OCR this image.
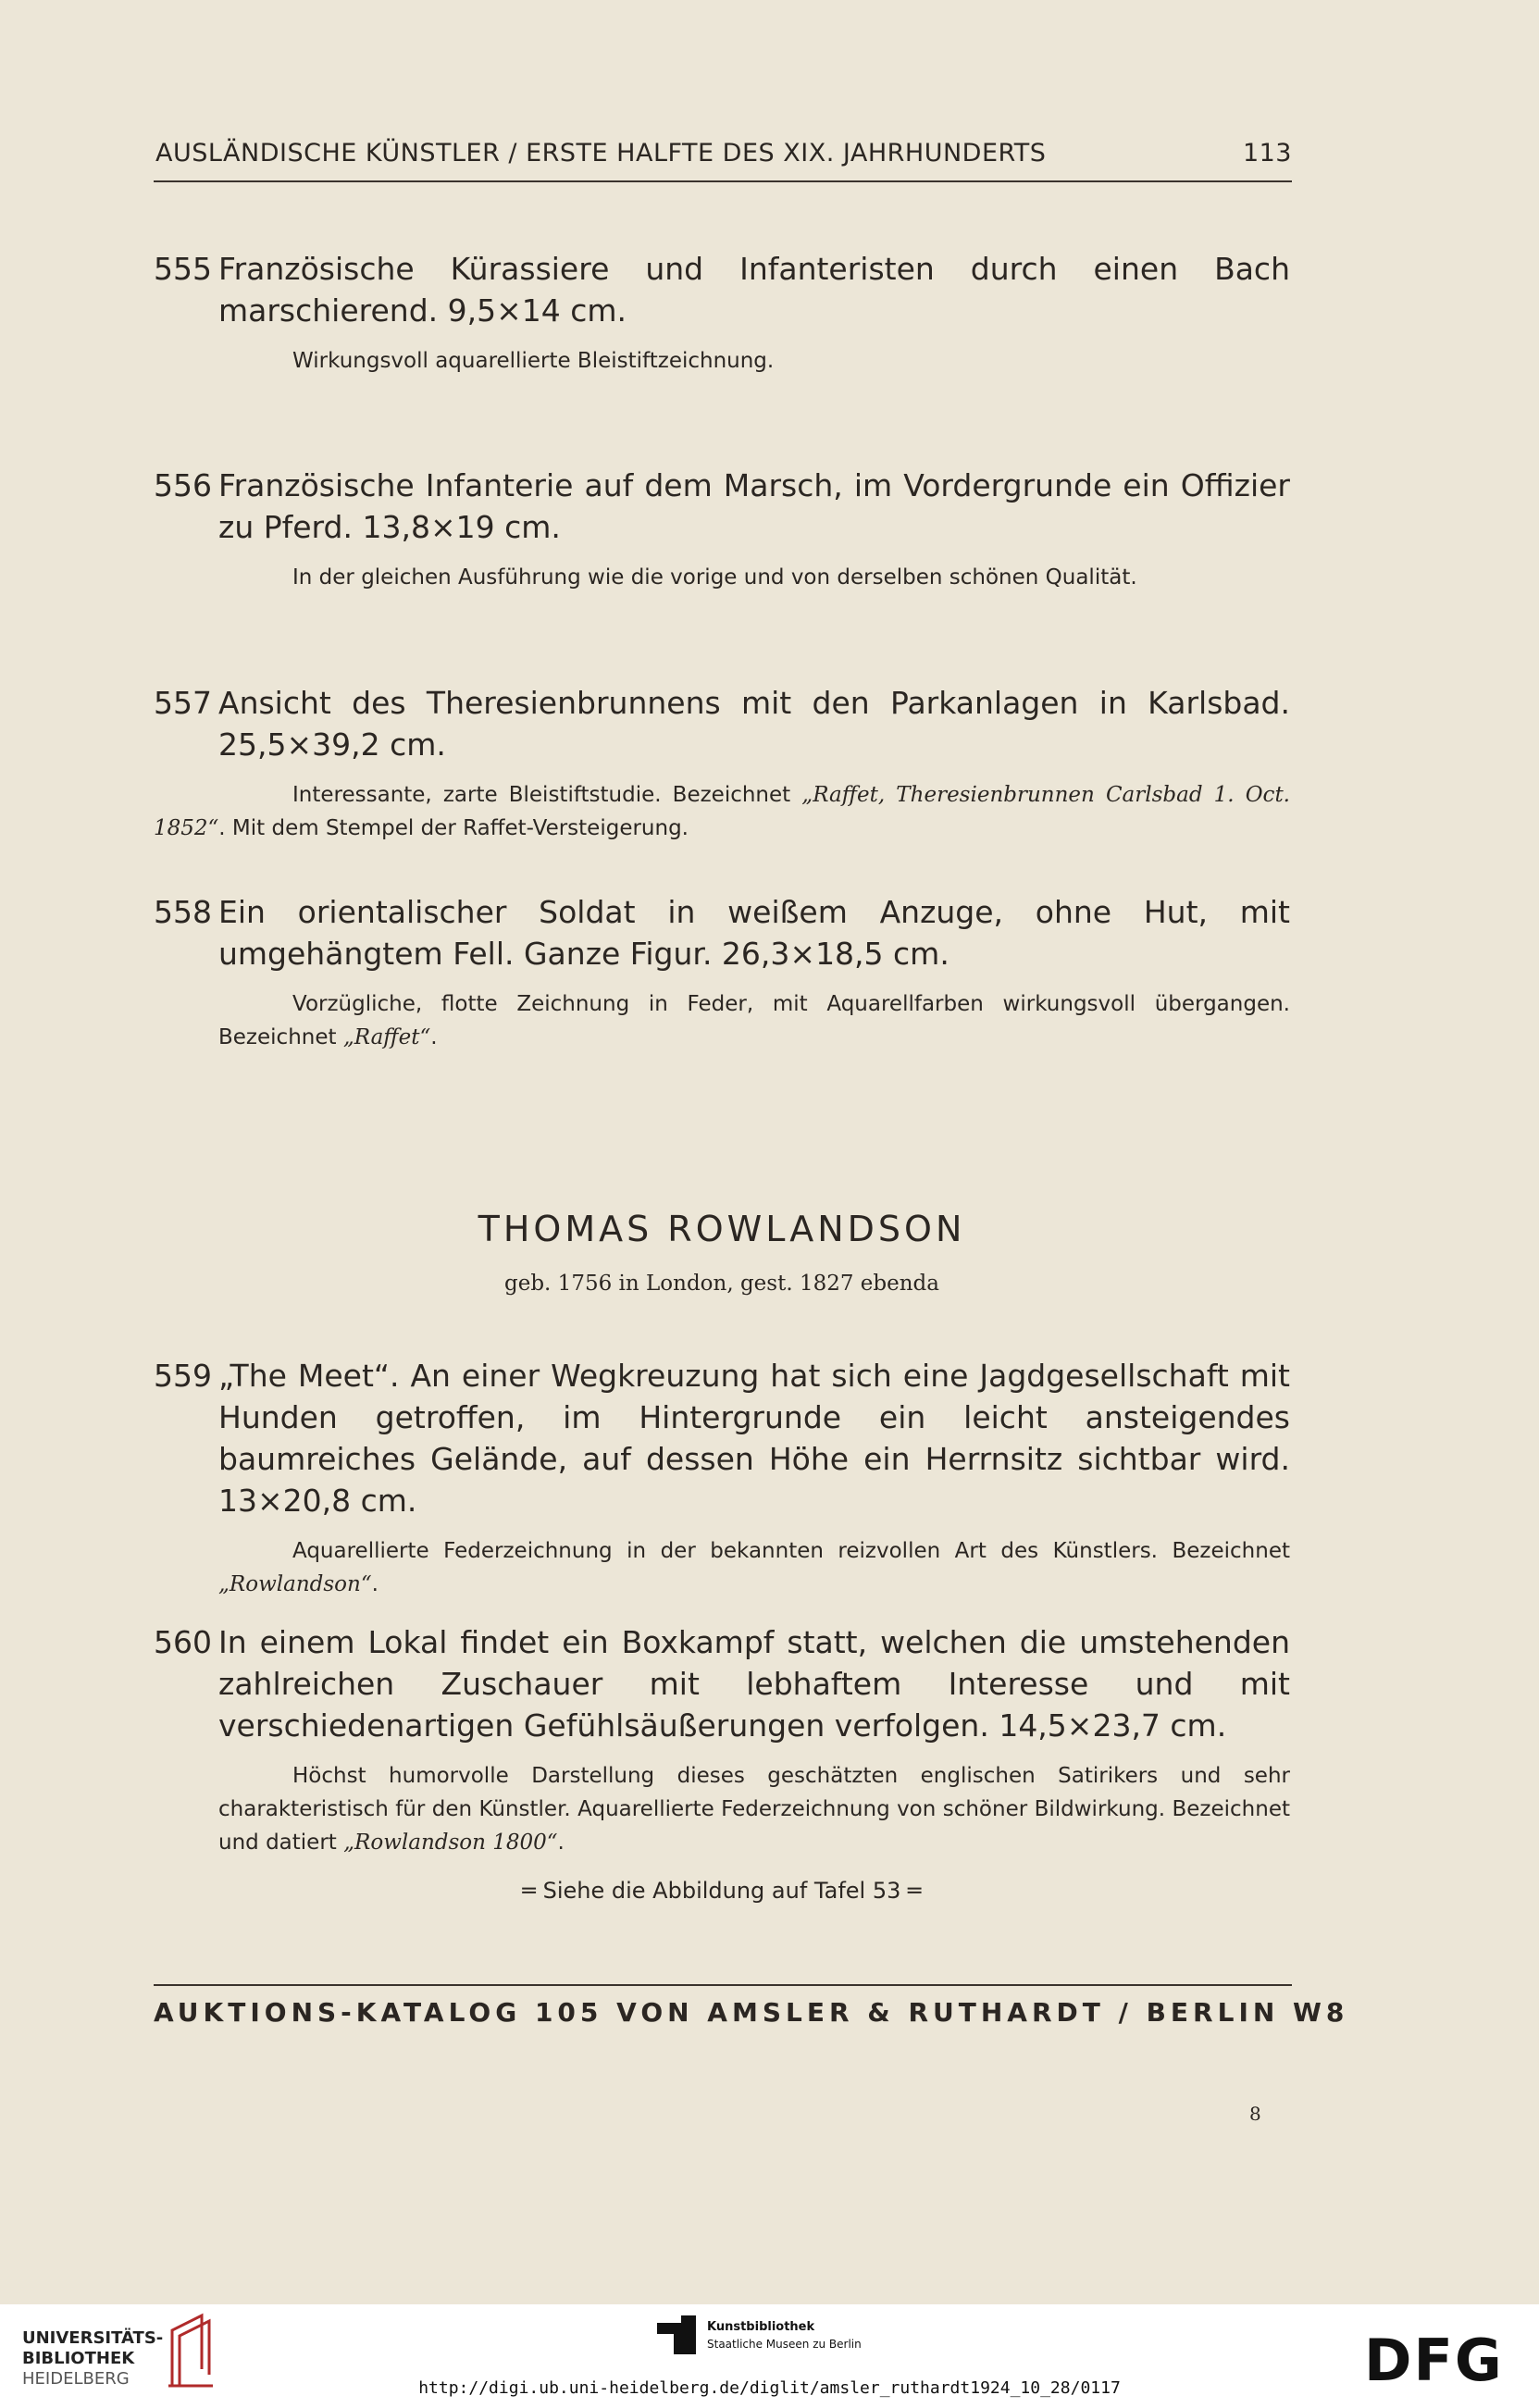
AUSLÄNDISCHE KÜNSTLER / ERSTE HALFTE DES XIX. JAHRHUNDERTS	113
555 Französische Kürassiere und Infanteristen durch einen Bach marschierend. 9,5×14 cm.
Wirkungsvoll aquarellierte Bleistiftzeichnung.
556 Französische Infanterie auf dem Marsch, im Vordergrunde ein Offizier zu Pferd. 13,8×19 cm.
In der gleichen Ausführung wie die vorige und von derselben schönen Qualität.
557 Ansicht des Theresienbrunnens mit den Parkanlagen in Karlsbad. 25,5×39,2 cm.
Interessante, zarte Bleistiftstudie. Bezeichnet „Raffet, Theresienbrunnen Carlsbad 1. Oct. 1852“. Mit dem Stempel der Raffet-Versteigerung.
558 Ein orientalischer Soldat in weißem Anzuge, ohne Hut, mit umgehängtem Fell. Ganze Figur. 26,3×18,5 cm.
Vorzügliche, flotte Zeichnung in Feder, mit Aquarellfarben wirkungsvoll übergangen. Bezeichnet „Raffet“.
THOMAS ROWLANDSON
geb. 1756 in London, gest. 1827 ebenda
559 „The Meet“. An einer Wegkreuzung hat sich eine Jagdgesellschaft mit Hunden getroffen, im Hintergrunde ein leicht ansteigendes baumreiches Gelände, auf dessen Höhe ein Herrnsitz sichtbar wird. 13×20,8 cm.
Aquarellierte Federzeichnung in der bekannten reizvollen Art des Künstlers. Bezeichnet „Rowlandson“.
560 In einem Lokal findet ein Boxkampf statt, welchen die umstehenden zahlreichen Zuschauer mit lebhaftem Interesse und mit verschiedenartigen Gefühlsäußerungen verfolgen. 14,5×23,7 cm.
Höchst humorvolle Darstellung dieses geschätzten englischen Satirikers und sehr charakteristisch für den Künstler. Aquarellierte Federzeichnung von schöner Bildwirkung. Bezeichnet und datiert „Rowlandson 1800“.
═ Siehe die Abbildung auf Tafel 53 ═
AUKTIONS-KATALOG 105 VON AMSLER & RUTHARDT / BERLIN W8
8
UNIVERSITÄTS-
BIBLIOTHEK
HEIDELBERG
Kunstbibliothek
Staatliche Museen zu Berlin	DFG
http://digi.ub.uni-heidelberg.de/diglit/amsler_ruthardt1924_10_28/0117
